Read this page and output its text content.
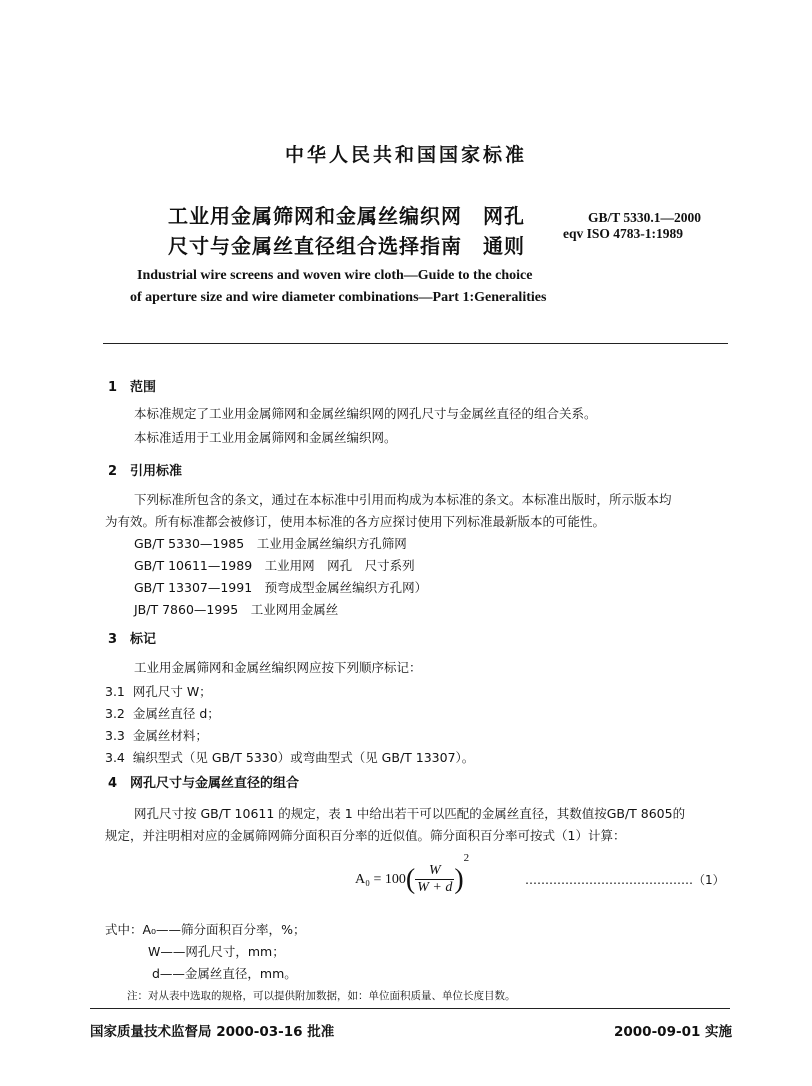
中华人民共和国国家标准
工业用金属筛网和金属丝编织网　网孔
尺寸与金属丝直径组合选择指南　通则
GB/T 5330.1—2000
eqv ISO 4783-1:1989
Industrial wire screens and woven wire cloth—Guide to the choice
of aperture size and wire diameter combinations—Part 1:Generalities
1　范围
本标准规定了工业用金属筛网和金属丝编织网的网孔尺寸与金属丝直径的组合关系。
本标准适用于工业用金属筛网和金属丝编织网。
2　引用标准
下列标准所包含的条文，通过在本标准中引用而构成为本标准的条文。本标准出版时，所示版本均
为有效。所有标准都会被修订，使用本标准的各方应探讨使用下列标准最新版本的可能性。
GB/T 5330—1985　工业用金属丝编织方孔筛网
GB/T 10611—1989　工业用网　网孔　尺寸系列
GB/T 13307—1991　预弯成型金属丝编织方孔网）
JB/T 7860—1995　工业网用金属丝
3　标记
工业用金属筛网和金属丝编织网应按下列顺序标记：
3.1 网孔尺寸 W；
3.2 金属丝直径 d；
3.3 金属丝材料；
3.4 编织型式（见 GB/T 5330）或弯曲型式（见 GB/T 13307）。
4　网孔尺寸与金属丝直径的组合
网孔尺寸按 GB/T 10611 的规定，表 1 中给出若干可以匹配的金属丝直径，其数值按GB/T 8605的
规定，并注明相对应的金属筛网筛分面积百分率的近似值。筛分面积百分率可按式（1）计算：
$A_0 = 100( \frac{W}{W + d} )^2$
……………………………………（1）
式中：A₀——筛分面积百分率，%；
W——网孔尺寸，mm；
d——金属丝直径，mm。
注：对从表中选取的规格，可以提供附加数据，如：单位面积质量、单位长度目数。
国家质量技术监督局 2000-03-16 批准	2000-09-01 实施
